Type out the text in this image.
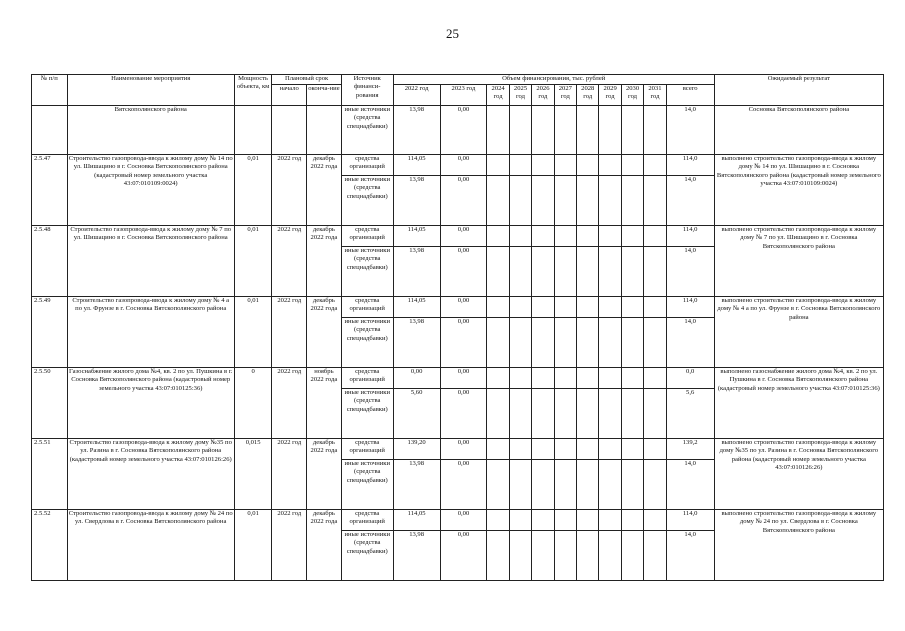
25
№ п/п	Наименование мероприятия	Мощность объекта, км	Плановый срок		Источник финанси-рования	Объем финансирования, тыс. рублей											Ожидаемый результат
			начало	оконча-ние		2022 год	2023 год	2024 год	2025 год	2026 год	2027 год	2028 год	2029 год	2030 год	2031 год	всего	
	Вятскополянского района				иные источники (средства спецнадбавки)	13,98	0,00									14,0	Сосновка Вятскополянского района
2.5.47	Строительство газопровода-ввода к жилому дому № 14 по ул. Шишацино в г. Сосновка Вятскополянского района (кадастровый номер земельного участка 43:07:010109:0024)	0,01	2022 год	декабрь 2022 года	средства организаций	114,05	0,00									114,0	выполнено строительство газопровода-ввода к жилому дому № 14 по ул. Шишацино в г. Сосновка Вятскополянского района (кадастровый номер земельного участка 43:07:010109:0024)
					иные источники (средства спецнадбавки)	13,98	0,00									14,0	
2.5.48	Строительство газопровода-ввода к жилому дому № 7 по ул. Шишацино в г. Сосновка Вятскополянского района	0,01	2022 год	декабрь 2022 года	средства организаций	114,05	0,00									114,0	выполнено строительство газопровода-ввода к жилому дому № 7 по ул. Шишацино в г. Сосновка Вятскополянского района
					иные источники (средства спецнадбавки)	13,98	0,00									14,0	
2.5.49	Строительство газопровода-ввода к жилому дому № 4 а по ул. Фрунзе в г. Сосновка Вятскополянского района	0,01	2022 год	декабрь 2022 года	средства организаций	114,05	0,00									114,0	выполнено строительство газопровода-ввода к жилому дому № 4 а по ул. Фрунзе в г. Сосновка Вятскополянского района
					иные источники (средства спецнадбавки)	13,98	0,00									14,0	
2.5.50	Газоснабжение жилого дома №4, кв. 2 по ул. Пушкина в г. Сосновка Вятскополянского района (кадастровый номер земельного участка 43:07:010125:36)	0	2022 год	ноябрь 2022 года	средства организаций	0,00	0,00									0,0	выполнено газоснабжение жилого дома №4, кв. 2 по ул. Пушкина в г. Сосновка Вятскополянского района (кадастровый номер земельного участка 43:07:010125:36)
					иные источники (средства спецнадбавки)	5,60	0,00									5,6	
2.5.51	Строительство газопровода-ввода к жилому дому №35 по ул. Разина в г. Сосновка Вятскополянского района (кадастровый номер земельного участка 43:07:010126:26)	0,015	2022 год	декабрь 2022 года	средства организаций	139,20	0,00									139,2	выполнено строительство газопровода-ввода к жилому дому №35 по ул. Разина в г. Сосновка Вятскополянского района (кадастровый номер земельного участка 43:07:010126:26)
					иные источники (средства спецнадбавки)	13,98	0,00									14,0	
2.5.52	Строительство газопровода-ввода к жилому дому № 24 по ул. Свердлова в г. Сосновка Вятскополянского района	0,01	2022 год	декабрь 2022 года	средства организаций	114,05	0,00									114,0	выполнено строительство газопровода-ввода к жилому дому № 24 по ул. Свердлова в г. Сосновка Вятскополянского района
					иные источники (средства спецнадбавки)	13,98	0,00									14,0	
